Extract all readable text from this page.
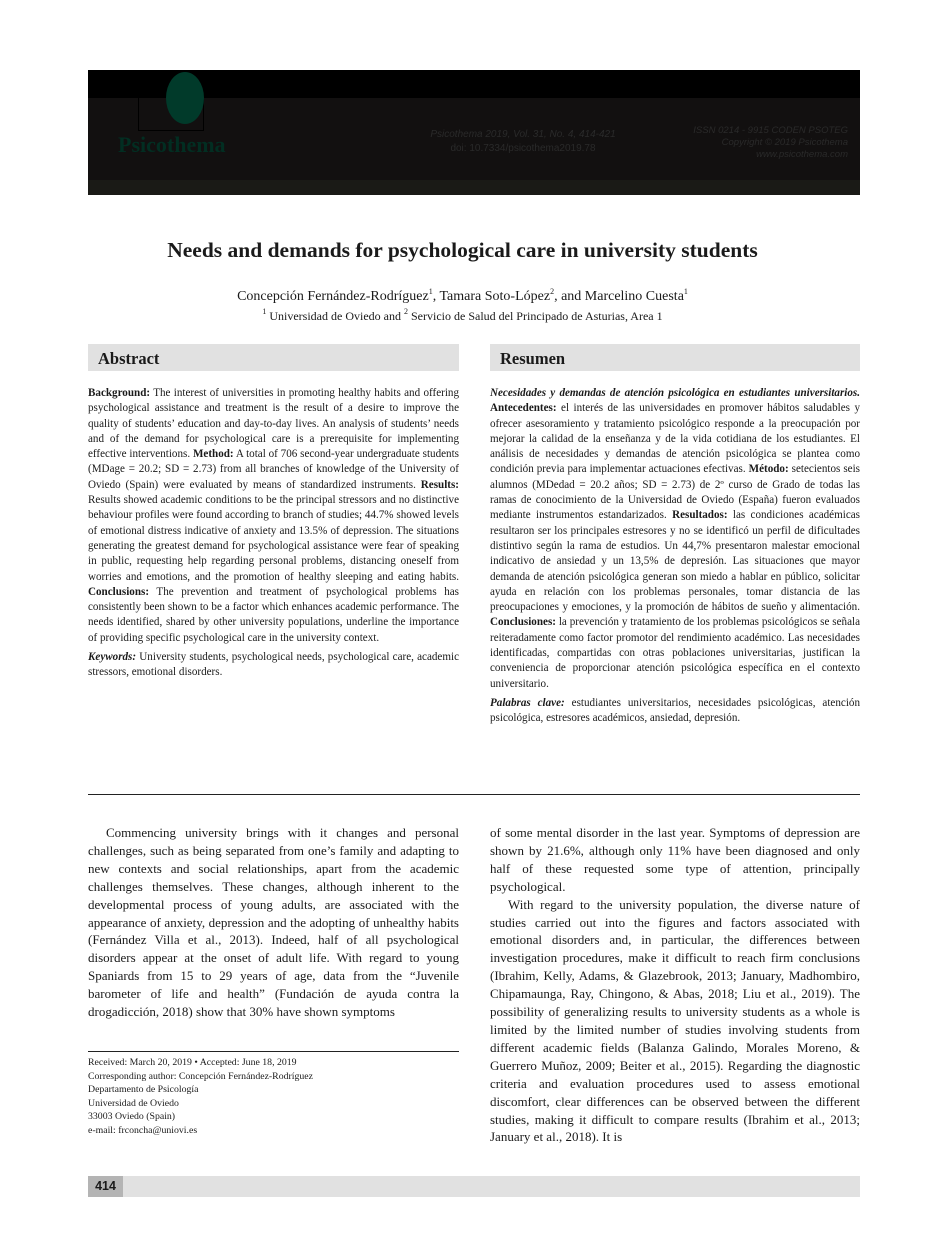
Psicothema	Psicothema 2019, Vol. 31, No. 4, 414-421
doi: 10.7334/psicothema2019.78
ISSN 0214 - 9915 CODEN PSOTEG
Copyright © 2019 Psicothema
www.psicothema.com
Needs and demands for psychological care in university students
Concepción Fernández-Rodríguez$^1$, Tamara Soto-López$^2$, and Marcelino Cuesta$^1$
$^1$ Universidad de Oviedo and $^2$ Servicio de Salud del Principado de Asturias, Area 1
Abstract	Resumen

Background: The interest of universities in promoting healthy habits and offering psychological assistance and treatment is the result of a desire to improve the quality of students’ education and day-to-day lives. An analysis of students’ needs and of the demand for psychological care is a prerequisite for implementing effective interventions. Method: A total of 706 second-year undergraduate students (MDage = 20.2; SD = 2.73) from all branches of knowledge of the University of Oviedo (Spain) were evaluated by means of standardized instruments. Results: Results showed academic conditions to be the principal stressors and no distinctive behaviour profiles were found according to branch of studies; 44.7% showed levels of emotional distress indicative of anxiety and 13.5% of depression. The situations generating the greatest demand for psychological assistance were fear of speaking in public, requesting help regarding personal problems, distancing oneself from worries and emotions, and the promotion of healthy sleeping and eating habits. Conclusions: The prevention and treatment of psychological problems has consistently been shown to be a factor which enhances academic performance. The needs identified, shared by other university populations, underline the importance of providing specific psychological care in the university context.

Keywords: University students, psychological needs, psychological care, academic stressors, emotional disorders.

Necesidades y demandas de atención psicológica en estudiantes universitarios. Antecedentes: el interés de las universidades en promover hábitos saludables y ofrecer asesoramiento y tratamiento psicológico responde a la preocupación por mejorar la calidad de la enseñanza y de la vida cotidiana de los estudiantes. El análisis de necesidades y demandas de atención psicológica se plantea como condición previa para implementar actuaciones efectivas. Método: setecientos seis alumnos (MDedad = 20.2 años; SD = 2.73) de 2º curso de Grado de todas las ramas de conocimiento de la Universidad de Oviedo (España) fueron evaluados mediante instrumentos estandarizados. Resultados: las condiciones académicas resultaron ser los principales estresores y no se identificó un perfil de dificultades distintivo según la rama de estudios. Un 44,7% presentaron malestar emocional indicativo de ansiedad y un 13,5% de depresión. Las situaciones que mayor demanda de atención psicológica generan son miedo a hablar en público, solicitar ayuda en relación con los problemas personales, tomar distancia de las preocupaciones y emociones, y la promoción de hábitos de sueño y alimentación. Conclusiones: la prevención y tratamiento de los problemas psicológicos se señala reiteradamente como factor promotor del rendimiento académico. Las necesidades identificadas, compartidas con otras poblaciones universitarias, justifican la conveniencia de proporcionar atención psicológica específica en el contexto universitario.

Palabras clave: estudiantes universitarios, necesidades psicológicas, atención psicológica, estresores académicos, ansiedad, depresión.

Commencing university brings with it changes and personal challenges, such as being separated from one’s family and adapting to new contexts and social relationships, apart from the academic challenges themselves. These changes, although inherent to the developmental process of young adults, are associated with the appearance of anxiety, depression and the adopting of unhealthy habits (Fernández Villa et al., 2013). Indeed, half of all psychological disorders appear at the onset of adult life. With regard to young Spaniards from 15 to 29 years of age, data from the “Juvenile barometer of life and health” (Fundación de ayuda contra la drogadicción, 2018) show that 30% have shown symptoms

of some mental disorder in the last year. Symptoms of depression are shown by 21.6%, although only 11% have been diagnosed and only half of these requested some type of attention, principally psychological.

With regard to the university population, the diverse nature of studies carried out into the figures and factors associated with emotional disorders and, in particular, the differences between investigation procedures, make it difficult to reach firm conclusions (Ibrahim, Kelly, Adams, & Glazebrook, 2013; January, Madhombiro, Chipamaunga, Ray, Chingono, & Abas, 2018; Liu et al., 2019). The possibility of generalizing results to university students as a whole is limited by the limited number of studies involving students from different academic fields (Balanza Galindo, Morales Moreno, & Guerrero Muñoz, 2009; Beiter et al., 2015). Regarding the diagnostic criteria and evaluation procedures used to assess emotional discomfort, clear differences can be observed between the different studies, making it difficult to compare results (Ibrahim et al., 2013; January et al., 2018). It is

Received: March 20, 2019 • Accepted: June 18, 2019
Corresponding author: Concepción Fernández-Rodríguez
Departamento de Psicología
Universidad de Oviedo
33003 Oviedo (Spain)
e-mail: frconcha@uniovi.es
414
